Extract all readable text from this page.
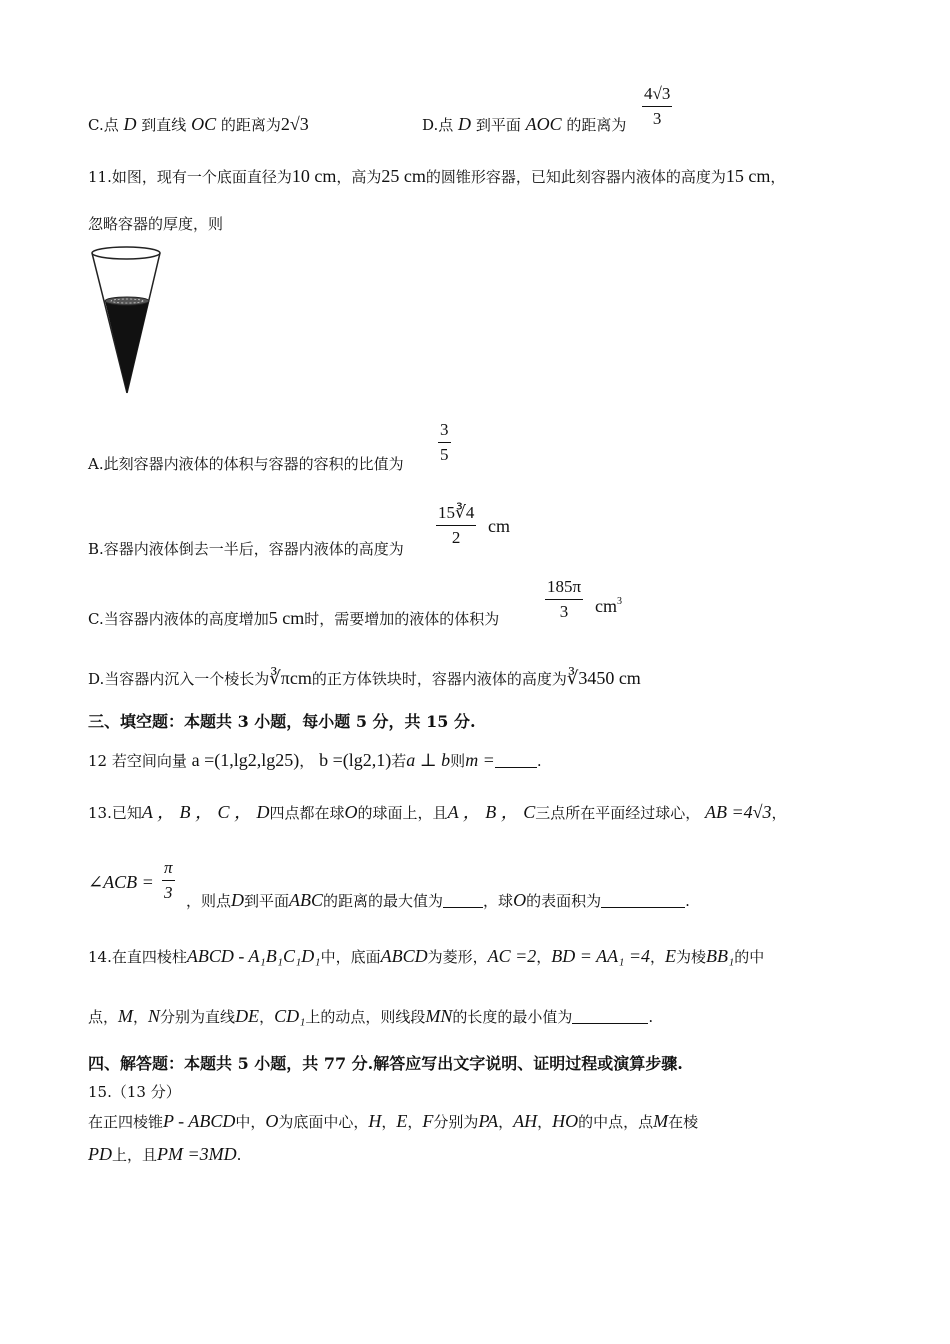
C.点 D 到直线 OC 的距离为2√3	D.点 D 到平面 AOC 的距离为 $\frac{4√3}{3}$
11.如图，现有一个底面直径为10 cm，高为25 cm的圆锥形容器，已知此刻容器内液体的高度为15 cm，
忽略容器的厚度，则
A.此刻容器内液体的体积与容器的容积的比值为 $\frac{3}{5}$
B.容器内液体倒去一半后，容器内液体的高度为
$\frac{15∛4}{2}$ cm
C.当容器内液体的高度增加5 cm时，需要增加的液体的体积为	$\frac{185\pi}{3} cm^3$
D.当容器内沉入一个棱长为∛πcm的正方体铁块时，容器内液体的高度为∛3450 cm
三、填空题：本题共 3 小题，每小题 5 分，共 15 分.
12 若空间向量 a =(1,lg2,lg25)， b =(lg2,1)若a ⊥ b则m =	.
13.已知A ， B ， C ， D四点都在球O的球面上，且A ， B ， C三点所在平面经过球心， AB =4√3，
∠ACB = $\frac{\pi}{3}$ ，则点D到平面ABC的距离的最大值为	，球O的表面积为	.
14.在直四棱柱ABCD - A₁B₁C₁D₁中，底面ABCD为菱形，AC =2，BD = AA₁ =4，E为棱BB₁的中
点，M，N分别为直线DE，CD₁上的动点，则线段MN的长度的最小值为	.
四、解答题：本题共 5 小题，共 77 分.解答应写出文字说明、证明过程或演算步骤.
15.（13 分）
在正四棱锥P - ABCD中，O为底面中心，H，E，F分别为PA，AH，HO的中点，点M在棱
PD上，且PM =3MD.
